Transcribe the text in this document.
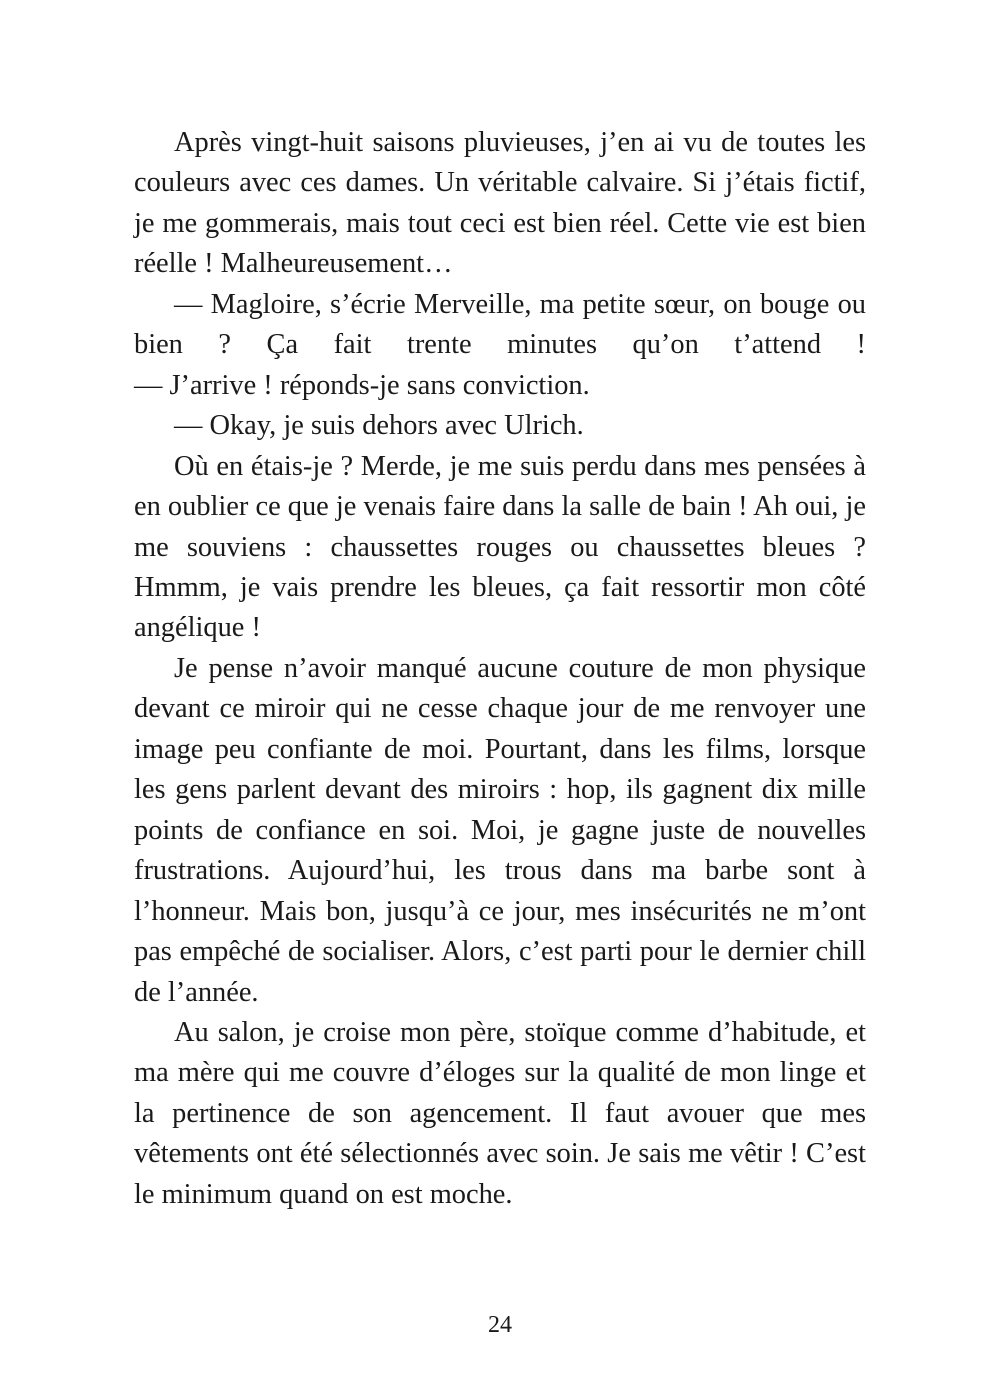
Après vingt-huit saisons pluvieuses, j’en ai vu de toutes les couleurs avec ces dames. Un véritable calvaire. Si j’étais fictif, je me gommerais, mais tout ceci est bien réel. Cette vie est bien réelle ! Malheureusement…

— Magloire, s’écrie Merveille, ma petite sœur, on bouge ou bien ? Ça fait trente minutes qu’on t’attend !

— J’arrive ! réponds-je sans conviction.

— Okay, je suis dehors avec Ulrich.

Où en étais-je ? Merde, je me suis perdu dans mes pensées à en oublier ce que je venais faire dans la salle de bain ! Ah oui, je me souviens : chaussettes rouges ou chaussettes bleues ? Hmmm, je vais prendre les bleues, ça fait ressortir mon côté angélique !

Je pense n’avoir manqué aucune couture de mon physique devant ce miroir qui ne cesse chaque jour de me renvoyer une image peu confiante de moi. Pourtant, dans les films, lorsque les gens parlent devant des miroirs : hop, ils gagnent dix mille points de confiance en soi. Moi, je gagne juste de nouvelles frustrations. Aujourd’hui, les trous dans ma barbe sont à l’honneur. Mais bon, jusqu’à ce jour, mes insécurités ne m’ont pas empêché de socialiser. Alors, c’est parti pour le dernier chill de l’année.

Au salon, je croise mon père, stoïque comme d’habitude, et ma mère qui me couvre d’éloges sur la qualité de mon linge et la pertinence de son agencement. Il faut avouer que mes vêtements ont été sélectionnés avec soin. Je sais me vêtir ! C’est le minimum quand on est moche.

24
